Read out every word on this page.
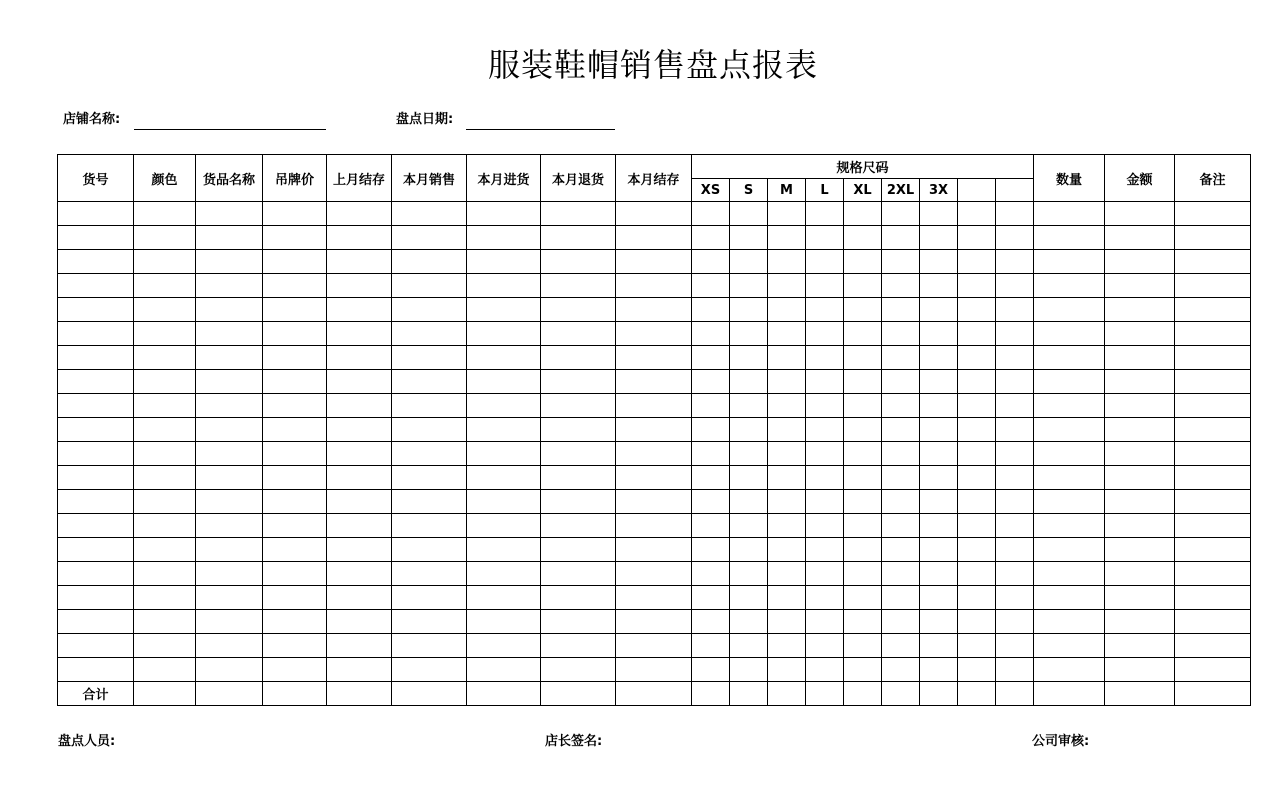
服装鞋帽销售盘点报表
店铺名称:	盘点日期:
货号	颜色	货品名称	吊牌价	上月结存	本月销售	本月进货	本月退货	本月结存	规格尺码									数量	金额	备注
									XS	S	M	L	XL	2XL	3X					

合计																				
盘点人员:	店长签名:	公司审核:
